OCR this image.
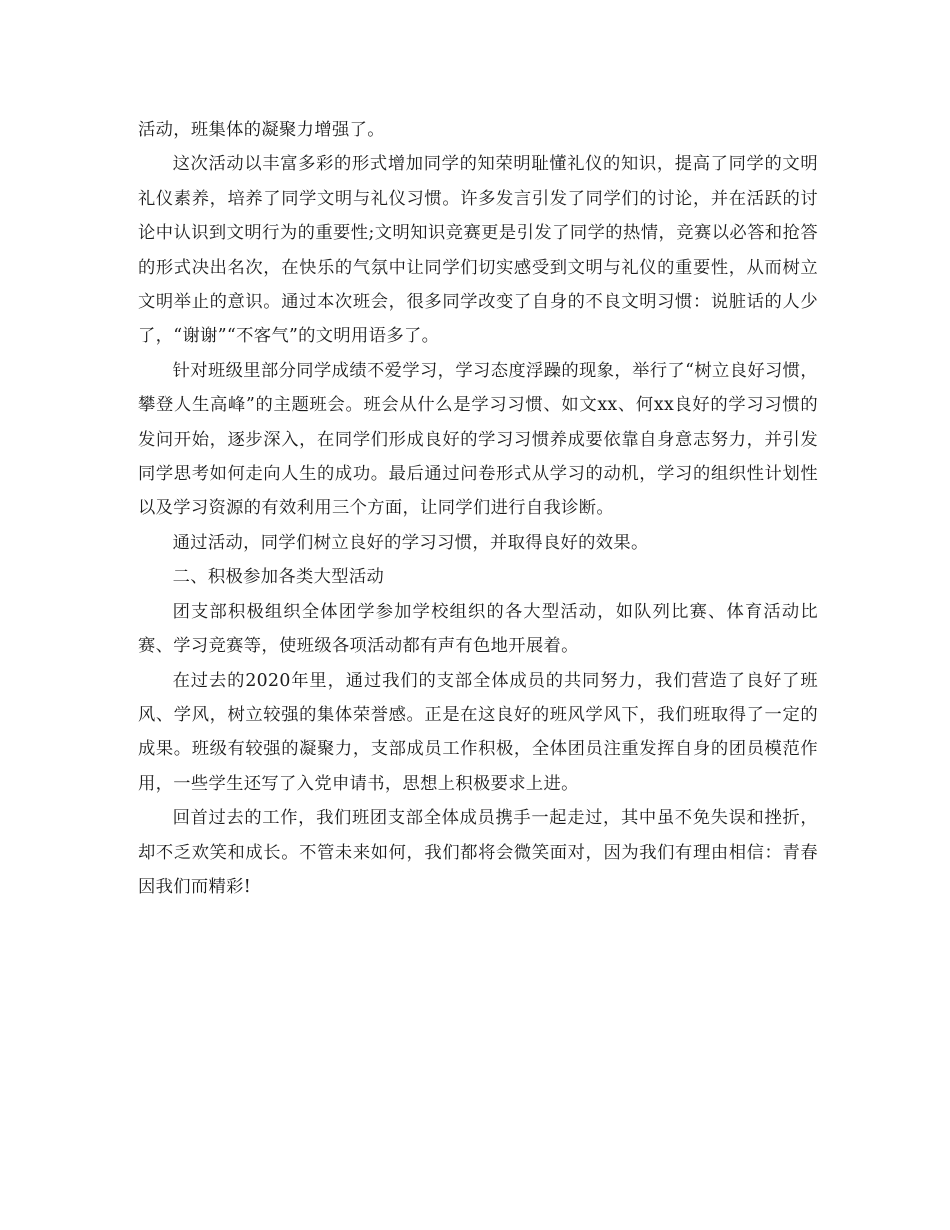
活动，班集体的凝聚力增强了。

这次活动以丰富多彩的形式增加同学的知荣明耻懂礼仪的知识，提高了同学的文明礼仪素养，培养了同学文明与礼仪习惯。许多发言引发了同学们的讨论，并在活跃的讨论中认识到文明行为的重要性;文明知识竞赛更是引发了同学的热情，竞赛以必答和抢答的形式决出名次，在快乐的气氛中让同学们切实感受到文明与礼仪的重要性，从而树立文明举止的意识。通过本次班会，很多同学改变了自身的不良文明习惯：说脏话的人少了，“谢谢”“不客气”的文明用语多了。

针对班级里部分同学成绩不爱学习，学习态度浮躁的现象，举行了“树立良好习惯，攀登人生高峰”的主题班会。班会从什么是学习习惯、如文xx、何xx良好的学习习惯的发问开始，逐步深入，在同学们形成良好的学习习惯养成要依靠自身意志努力，并引发同学思考如何走向人生的成功。最后通过问卷形式从学习的动机，学习的组织性计划性以及学习资源的有效利用三个方面，让同学们进行自我诊断。

通过活动，同学们树立良好的学习习惯，并取得良好的效果。

二、积极参加各类大型活动

团支部积极组织全体团学参加学校组织的各大型活动，如队列比赛、体育活动比赛、学习竞赛等，使班级各项活动都有声有色地开展着。

在过去的2020年里，通过我们的支部全体成员的共同努力，我们营造了良好了班风、学风，树立较强的集体荣誉感。正是在这良好的班风学风下，我们班取得了一定的成果。班级有较强的凝聚力，支部成员工作积极，全体团员注重发挥自身的团员模范作用，一些学生还写了入党申请书，思想上积极要求上进。

回首过去的工作，我们班团支部全体成员携手一起走过，其中虽不免失误和挫折，却不乏欢笑和成长。不管未来如何，我们都将会微笑面对，因为我们有理由相信：青春因我们而精彩!
